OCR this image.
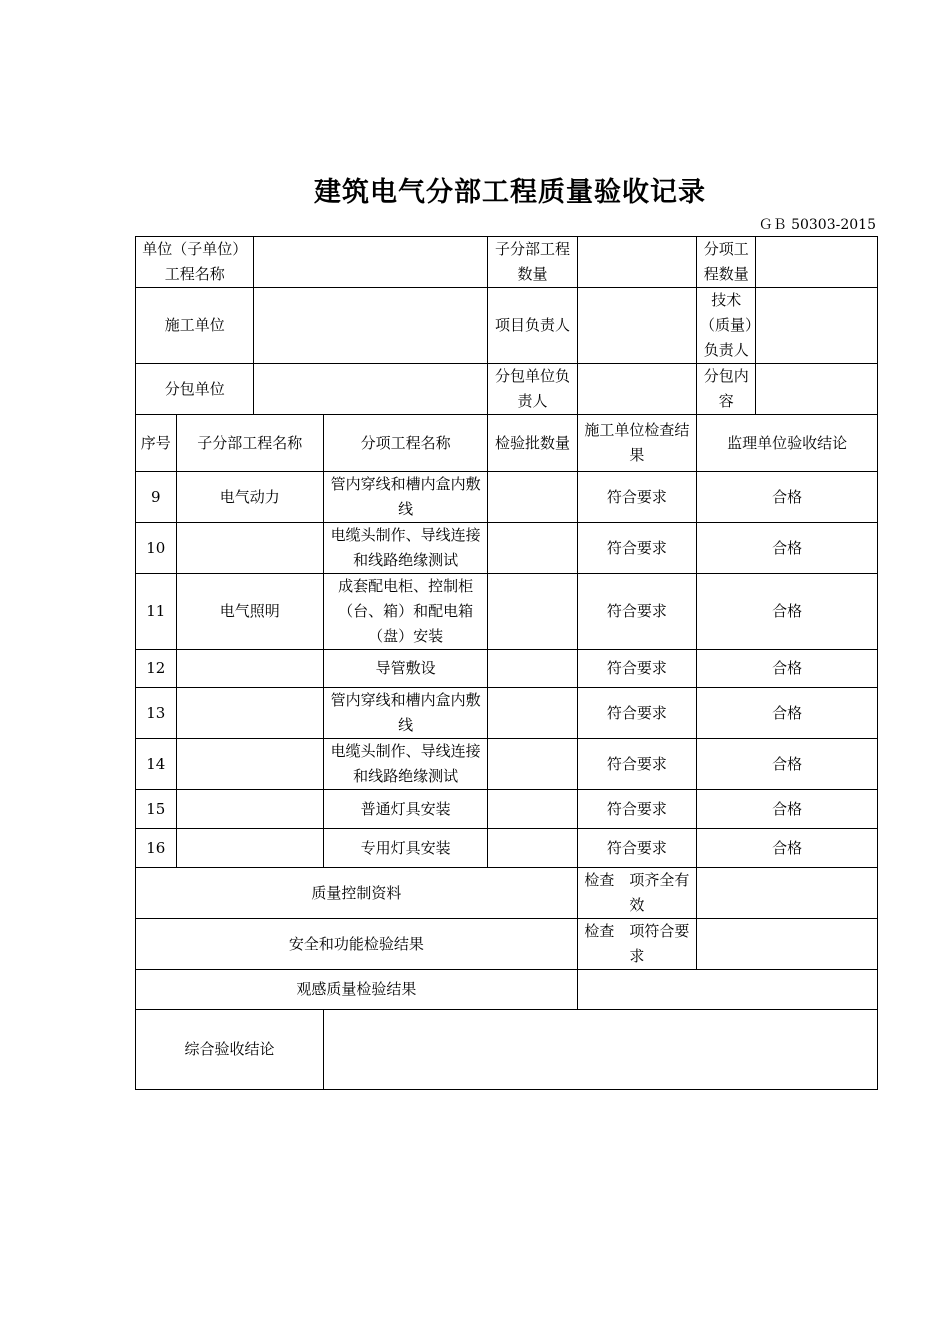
建筑电气分部工程质量验收记录
ＧＢ 50303-2015
单位（子单位）工程名称				子分部工程数量		分项工程数量	
施工单位				项目负责人		技术（质量）负责人	
分包单位				分包单位负责人		分包内容	
序号	子分部工程名称		分项工程名称	检验批数量	施工单位检查结果	监理单位验收结论	
9	电气动力		管内穿线和槽内盒内敷线		符合要求	合格	
10			电缆头制作、导线连接和线路绝缘测试		符合要求	合格	
11	电气照明		成套配电柜、控制柜（台、箱）和配电箱（盘）安装		符合要求	合格	
12			导管敷设		符合要求	合格	
13			管内穿线和槽内盒内敷线		符合要求	合格	
14			电缆头制作、导线连接和线路绝缘测试		符合要求	合格	
15			普通灯具安装		符合要求	合格	
16			专用灯具安装		符合要求	合格	
质量控制资料					检查　项齐全有效		
安全和功能检验结果					检查　项符合要求		
观感质量检验结果							
综合验收结论							
